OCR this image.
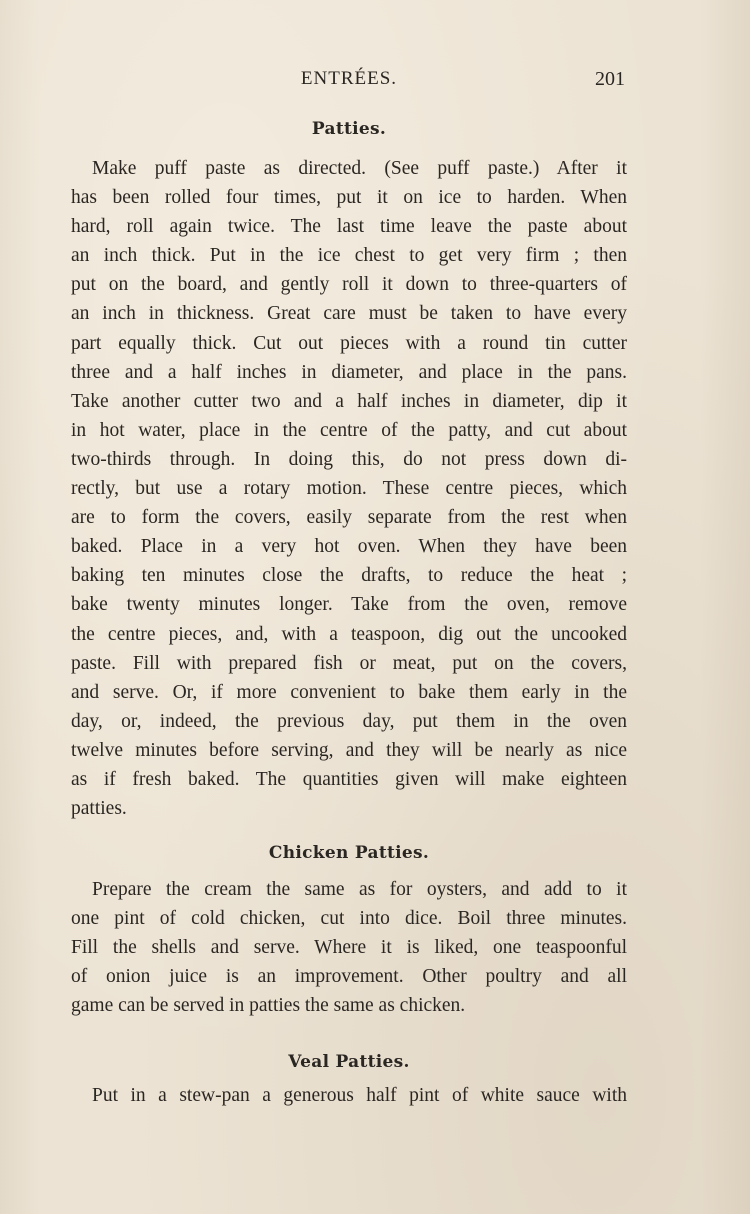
ENTRÉES.	201
Patties.
Make puff paste as directed. (See puff paste.) After it
has been rolled four times, put it on ice to harden. When
hard, roll again twice. The last time leave the paste about
an inch thick. Put in the ice chest to get very firm ; then
put on the board, and gently roll it down to three-quarters of
an inch in thickness. Great care must be taken to have every
part equally thick. Cut out pieces with a round tin cutter
three and a half inches in diameter, and place in the pans.
Take another cutter two and a half inches in diameter, dip it
in hot water, place in the centre of the patty, and cut about
two-thirds through. In doing this, do not press down di-
rectly, but use a rotary motion. These centre pieces, which
are to form the covers, easily separate from the rest when
baked. Place in a very hot oven. When they have been
baking ten minutes close the drafts, to reduce the heat ;
bake twenty minutes longer. Take from the oven, remove
the centre pieces, and, with a teaspoon, dig out the uncooked
paste. Fill with prepared fish or meat, put on the covers,
and serve. Or, if more convenient to bake them early in the
day, or, indeed, the previous day, put them in the oven
twelve minutes before serving, and they will be nearly as nice
as if fresh baked. The quantities given will make eighteen
patties.
Chicken Patties.
Prepare the cream the same as for oysters, and add to it
one pint of cold chicken, cut into dice. Boil three minutes.
Fill the shells and serve. Where it is liked, one teaspoonful
of onion juice is an improvement. Other poultry and all
game can be served in patties the same as chicken.
Veal Patties.
Put in a stew-pan a generous half pint of white sauce with
